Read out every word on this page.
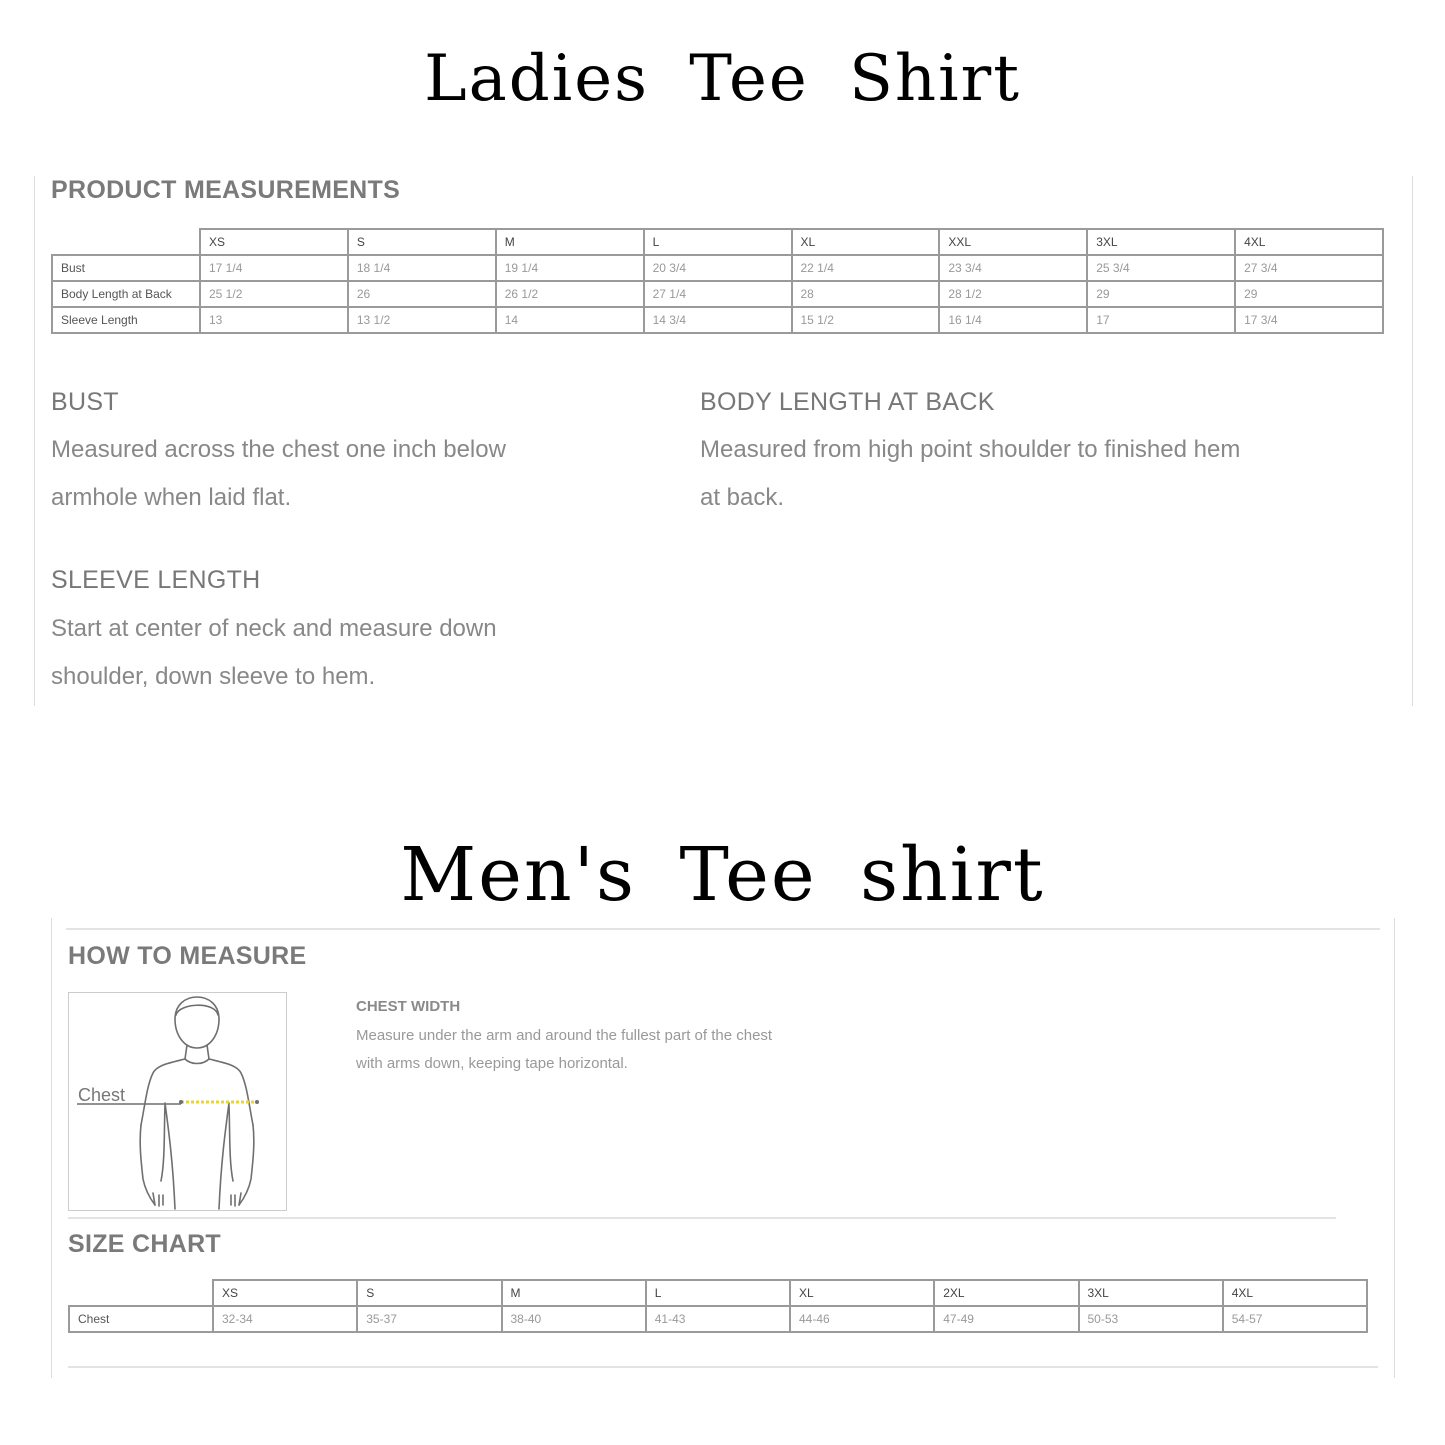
Ladies Tee Shirt
PRODUCT MEASUREMENTS
	XS	S	M	L	XL	XXL	3XL	4XL
Bust	17 1/4	18 1/4	19 1/4	20 3/4	22 1/4	23 3/4	25 3/4	27 3/4
Body Length at Back	25 1/2	26	26 1/2	27 1/4	28	28 1/2	29	29
Sleeve Length	13	13 1/2	14	14 3/4	15 1/2	16 1/4	17	17 3/4
BUST

Measured across the chest one inch below

armhole when laid flat.

BODY LENGTH AT BACK

Measured from high point shoulder to finished hem

at back.

SLEEVE LENGTH

Start at center of neck and measure down

shoulder, down sleeve to hem.

Men's Tee shirt
HOW TO MEASURE
Chest
CHEST WIDTH

Measure under the arm and around the fullest part of the chest

with arms down, keeping tape horizontal.

SIZE CHART
	XS	S	M	L	XL	2XL	3XL	4XL
Chest	32-34	35-37	38-40	41-43	44-46	47-49	50-53	54-57
